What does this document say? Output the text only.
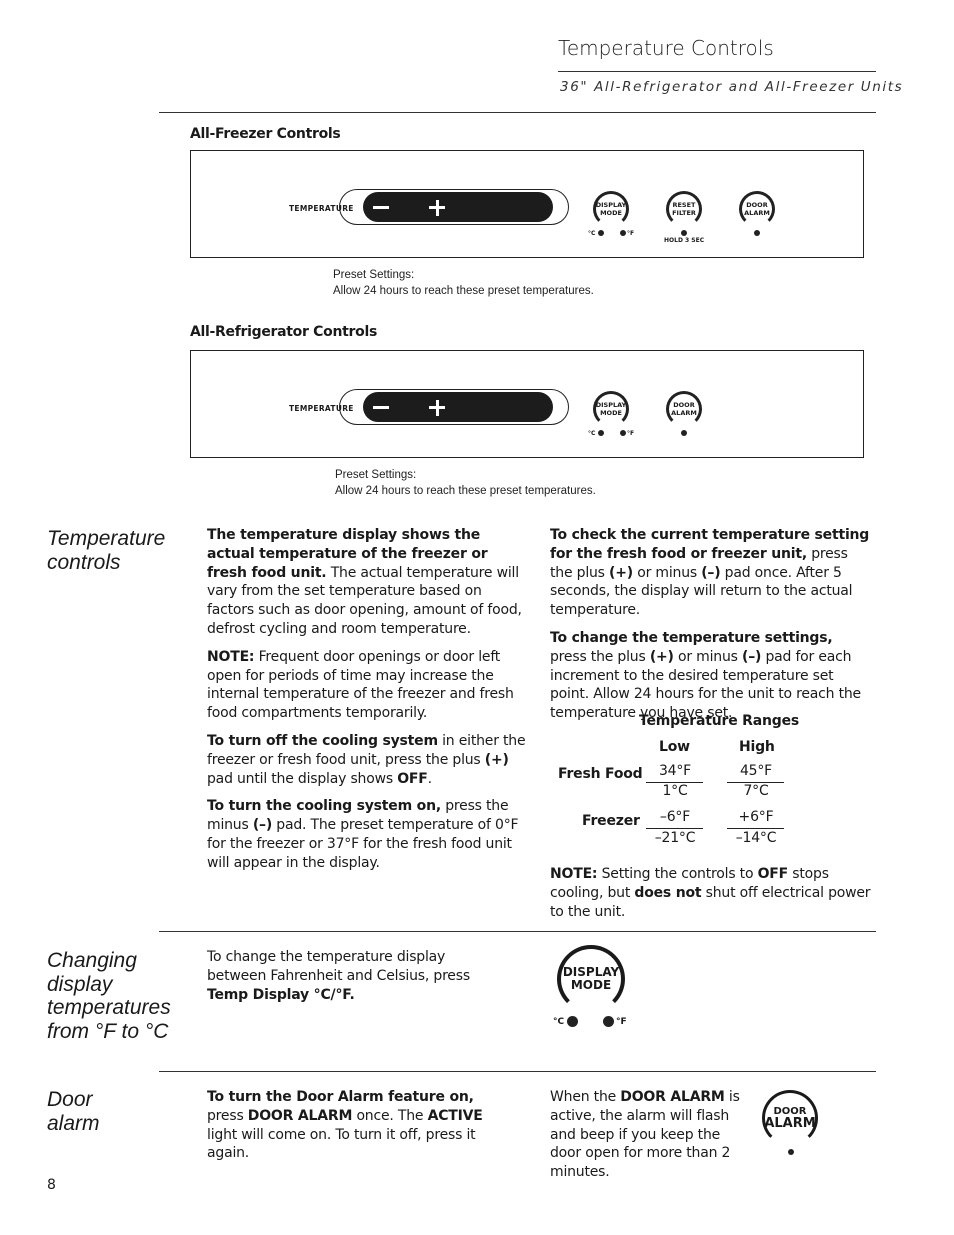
Temperature Controls
36" All-Refrigerator and All-Freezer Units
All-Freezer Controls
TEMPERATURE	DISPLAY MODE
°C	°F
RESET FILTER
HOLD 3 SEC
DOOR ALARM
Preset Settings:
Allow 24 hours to reach these preset temperatures.
All-Refrigerator Controls
TEMPERATURE	DISPLAY MODE
°C	°F
DOOR ALARM
Preset Settings:
Allow 24 hours to reach these preset temperatures.
Temperature
controls

The temperature display shows the actual temperature of the freezer or fresh food unit. The actual temperature will vary from the set temperature based on factors such as door opening, amount of food, defrost cycling and room temperature.

NOTE: Frequent door openings or door left open for periods of time may increase the internal temperature of the freezer and fresh food compartments temporarily.

To turn off the cooling system in either the freezer or fresh food unit, press the plus (+) pad until the display shows OFF.

To turn the cooling system on, press the minus (–) pad. The preset temperature of 0°F for the freezer or 37°F for the fresh food unit will appear in the display.

To check the current temperature setting for the fresh food or freezer unit, press the plus (+) or minus (–) pad once. After 5 seconds, the display will return to the actual temperature.

To change the temperature settings, press the plus (+) or minus (–) pad for each increment to the desired temperature set point. Allow 24 hours for the unit to reach the temperature you have set.

Temperature Ranges
Low	High
Fresh Food	34°F	45°F
1°C	7°C
Freezer	–6°F	+6°F
–21°C	–14°C

NOTE: Setting the controls to OFF stops cooling, but does not shut off electrical power to the unit.

Changing
display
temperatures
from °F to °C

To change the temperature display between Fahrenheit and Celsius, press Temp Display °C/°F.

DISPLAY
MODE
°C	°F
Door
alarm

To turn the Door Alarm feature on, press DOOR ALARM once. The ACTIVE light will come on. To turn it off, press it again.

When the DOOR ALARM is active, the alarm will flash and beep if you keep the door open for more than 2 minutes.

DOOR
ALARM
8
